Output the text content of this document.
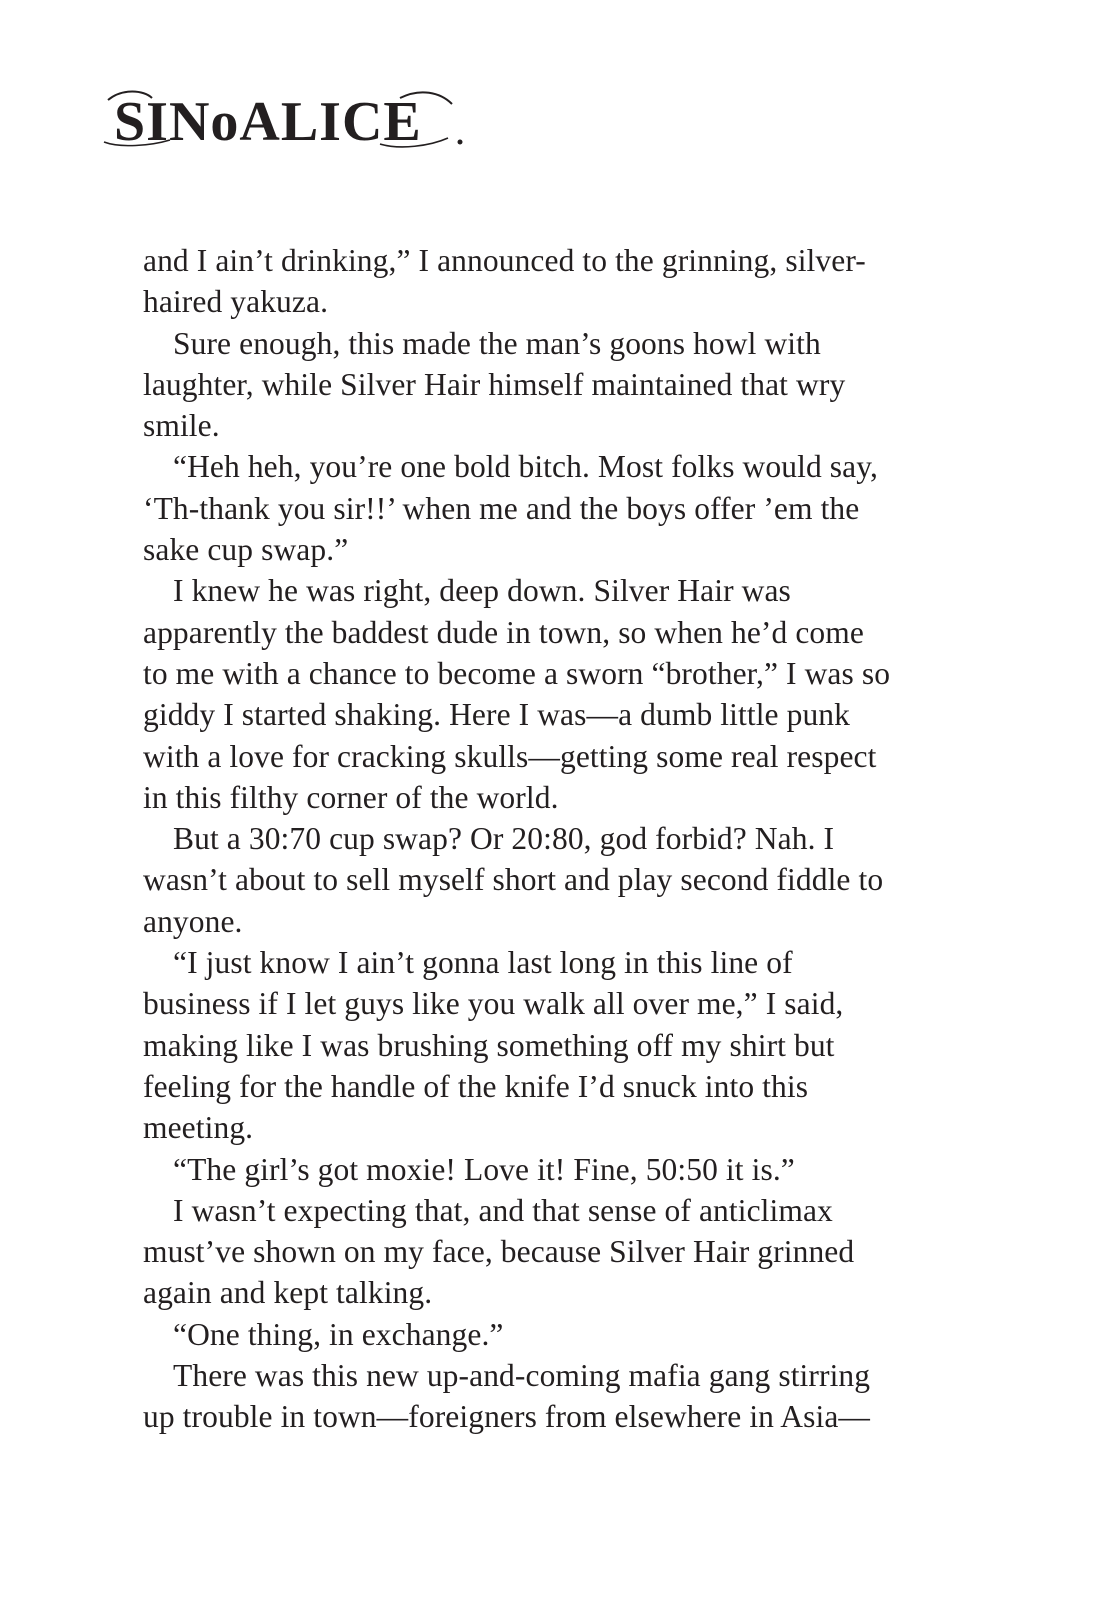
SINoALICE
and I ain’t drinking,” I announced to the grinning, silver-
haired yakuza.
Sure enough, this made the man’s goons howl with
laughter, while Silver Hair himself maintained that wry
smile.
“Heh heh, you’re one bold bitch. Most folks would say,
‘Th-thank you sir!!’ when me and the boys offer ’em the
sake cup swap.”
I knew he was right, deep down. Silver Hair was
apparently the baddest dude in town, so when he’d come
to me with a chance to become a sworn “brother,” I was so
giddy I started shaking. Here I was—a dumb little punk
with a love for cracking skulls—getting some real respect
in this filthy corner of the world.
But a 30:70 cup swap? Or 20:80, god forbid? Nah. I
wasn’t about to sell myself short and play second fiddle to
anyone.
“I just know I ain’t gonna last long in this line of
business if I let guys like you walk all over me,” I said,
making like I was brushing something off my shirt but
feeling for the handle of the knife I’d snuck into this
meeting.
“The girl’s got moxie! Love it! Fine, 50:50 it is.”
I wasn’t expecting that, and that sense of anticlimax
must’ve shown on my face, because Silver Hair grinned
again and kept talking.
“One thing, in exchange.”
There was this new up-and-coming mafia gang stirring
up trouble in town—foreigners from elsewhere in Asia—
